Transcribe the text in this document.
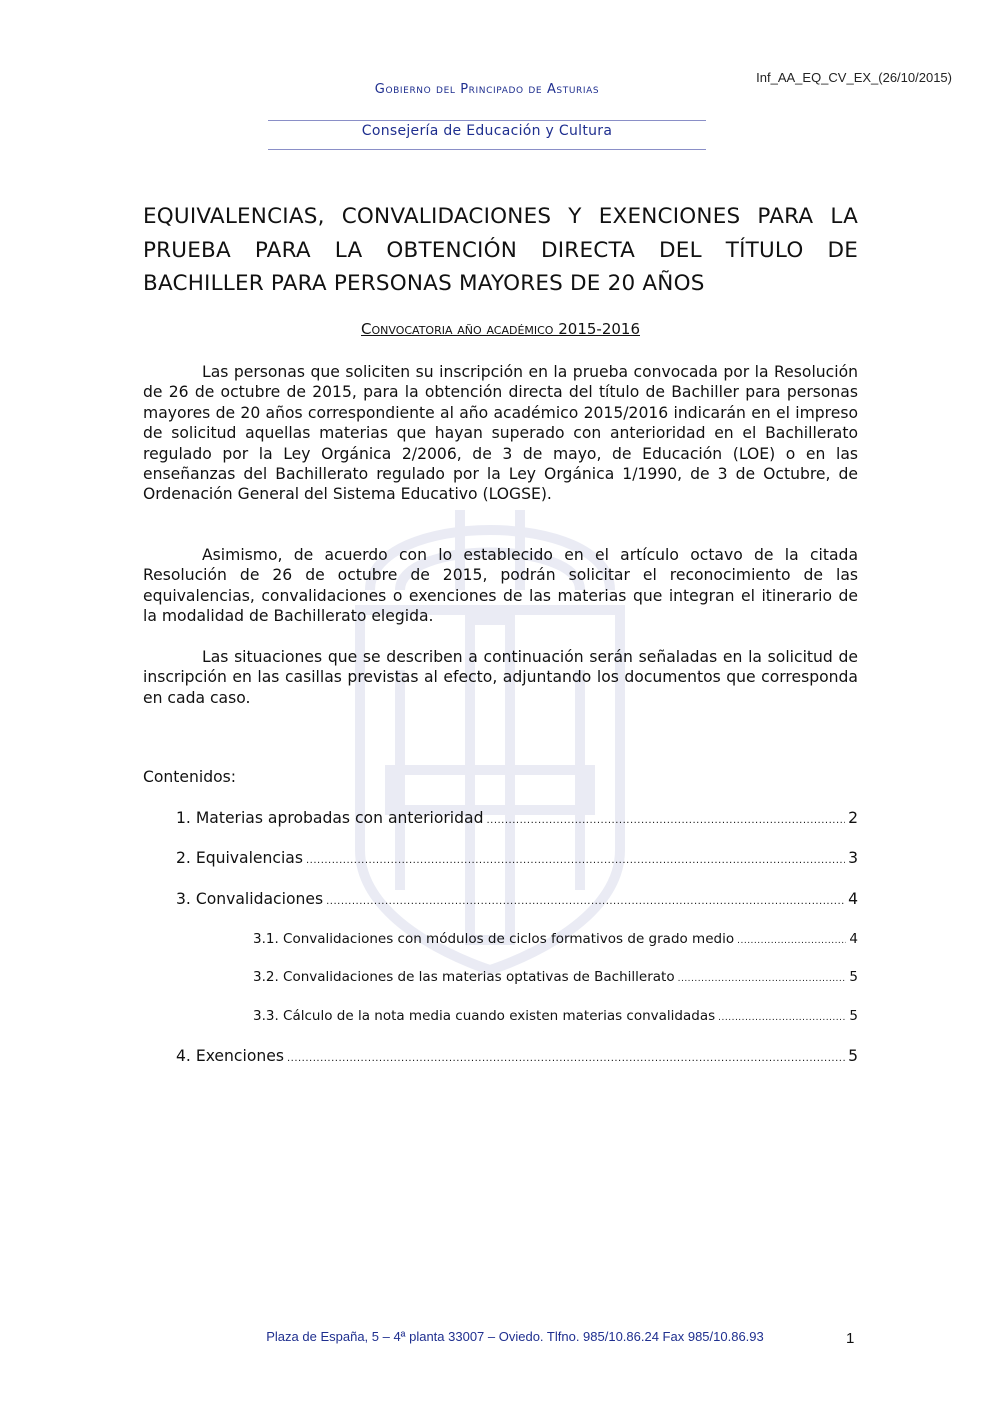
Inf_AA_EQ_CV_EX_(26/10/2015)
Gobierno del Principado de Asturias
Consejería de Educación y Cultura
EQUIVALENCIAS, CONVALIDACIONES Y EXENCIONES PARA LA PRUEBA PARA LA OBTENCIÓN DIRECTA DEL TÍTULO DE BACHILLER PARA PERSONAS MAYORES DE 20 AÑOS
Convocatoria año académico 2015-2016
Las personas que soliciten su inscripción en la prueba convocada por la Resolución de 26 de octubre de 2015, para la obtención directa del título de Bachiller para personas mayores de 20 años correspondiente al año académico 2015/2016 indicarán en el impreso de solicitud aquellas materias que hayan superado con anterioridad en el Bachillerato regulado por la Ley Orgánica 2/2006, de 3 de mayo, de Educación (LOE) o en las enseñanzas del Bachillerato regulado por la Ley Orgánica 1/1990, de 3 de Octubre, de Ordenación General del Sistema Educativo (LOGSE).
Asimismo, de acuerdo con lo establecido en el artículo octavo de la citada Resolución de 26 de octubre de 2015, podrán solicitar el reconocimiento de las equivalencias, convalidaciones o exenciones de las materias que integran el itinerario de la modalidad de Bachillerato elegida.
Las situaciones que se describen a continuación serán señaladas en la solicitud de inscripción en las casillas previstas al efecto, adjuntando los documentos que corresponda en cada caso.
Contenidos:
1. Materias aprobadas con anterioridad .....	2
2. Equivalencias .....	3
3. Convalidaciones .....	4
3.1. Convalidaciones con módulos de ciclos formativos de grado medio .....	4
3.2. Convalidaciones de las materias optativas de Bachillerato .....	5
3.3. Cálculo de la nota media cuando existen materias convalidadas .....	5
4. Exenciones .....	5
Plaza de España, 5 – 4ª planta 33007 – Oviedo. Tlfno. 985/10.86.24 Fax 985/10.86.93	1
